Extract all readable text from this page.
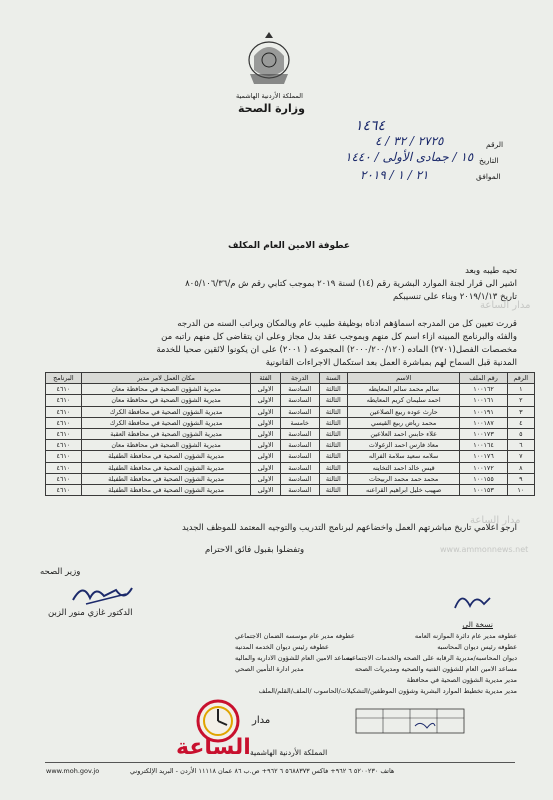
المملكة الأردنية الهاشمية
وزارة الصحة
١٤٦٤
الرقم
٢٧٢٥ / ٣٢ / ٤
التاريخ
١٥ / جمادى الأولى / ١٤٤٠
الموافق
٢١ / ١ / ٢٠١٩
عطوفة الامين العام المكلف
تحيه طيبه وبعد
اشير الى قرار لجنة الموارد البشرية رقم (١٤) لسنة ٢٠١٩ بموجب كتابي رقم ش م/٨٠٥/١٠٦/٣٦
تاريخ ٢٠١٩/١/١٣ وبناء على تنسيبكم
قررت تعيين كل من المدرجه اسماؤهم ادناه بوظيفة طبيب عام وبالمكان وبراتب السنه من الدرجه
والفئه والبرنامج المبينه ازاء اسم كل منهم وبموجب عقد بدل مجاز وعلى ان يتقاضى كل منهم راتبه من
مخصصات الفصل(٢٧٠١) الماده (٢٠٠٠/٢٠٠/١٢٠) المجموعه ( ٢٠٠١) على ان يكونوا لائقين صحيا للخدمة
المدنية قبل السماح لهم بمباشرة العمل بعد استكمال الاجراءات القانونية
الرقم	رقم الملف	الاسم	السنة	الدرجة	الفئة	مكان العمل لامر مدير	البرنامج
١	١٠٠١٦٢	سالم محمد سالم المعايطه	الثالثة	السادسة	الاولى	مديرية الشؤون الصحية في محافظة معان	٤٦١٠
٢	١٠٠١٦١	احمد سليمان كريم المعايطه	الثالثة	السادسة	الاولى	مديرية الشؤون الصحية في محافظة معان	٤٦١٠
٣	١٠٠١٩١	حارث عوده ربيع الصلاعين	الثالثة	السادسة	الاولى	مديرية الشؤون الصحية في محافظة الكرك	٤٦١٠
٤	١٠٠١٨٧	محمد رياض ربيع القيسي	الثالثة	خامسة	الاولى	مديرية الشؤون الصحية في محافظة الكرك	٤٦١٠
٥	١٠٠١٧٣	علاء حابس احمد العلاعين	الثالثة	السادسة	الاولى	مديرية الشؤون الصحية في محافظة العقبة	٤٦١٠
٦	١٠٠١٦٤	معاذ فارس احمد الزغولات	الثالثة	السادسة	الاولى	مديرية الشؤون الصحية في محافظة معان	٤٦١٠
٧	١٠٠١٧٦	سلامه سعيد سلامة الفراله	الثالثة	السادسة	الاولى	مديرية الشؤون الصحية في محافظة الطفيلة	٤٦١٠
٨	١٠٠١٧٢	قيس خالد احمد التخاينه	الثالثة	السادسة	الاولى	مديرية الشؤون الصحية في محافظة الطفيلة	٤٦١٠
٩	١٠٠١٥٥	محمد حمد محمد الربيحات	الثالثة	السادسة	الاولى	مديرية الشؤون الصحية في محافظة الطفيلة	٤٦١٠
١٠	١٠٠١٥٣	صهيب خليل ابراهيم القراعنه	الثالثة	السادسة	الاولى	مديرية الشؤون الصحية في محافظة الطفيلة	٤٦١٠
ارجو اعلامي تاريخ مباشرتهم العمل واخضاعهم لبرنامج التدريب والتوجيه المعتمد للموظف الجديد
وتفضلوا بقبول فائق الاحترام
وزير الصحه
الدكتور غازي منور الزبن
نسخة الى
مدار الساعة
مدار الساعة
www.ammonnews.net
مدار
الساعة المملكة الأردنية الهاشمية
www.moh.gov.jo	هاتف ٥٢٠٠٢٣٠ ٦ ٩٦٢+ فاكس ٥٦٨٨٣٧٣ ٦ ٩٦٢+ ص.ب ٨٦ عمان ١١١١٨ الأردن - البريد الإلكتروني
عطوفه مدير عام دائرة الموازنه العامه
عطوفه رئيس ديوان المحاسبه
ديوان المحاسبه/مديرية الرقابه على الصحه والخدمات الاجتماعيه
مساعد الامين العام للشؤون الفنيه والصحيه ومديريات الصحه
مدير مديرية الشؤون الصحية في محافظة
مدير مديرية تخطيط الموارد البشرية وشؤون الموظفين/التشكيلات/الحاسوب /الملف/القلم/الملف
عطوفه مدير عام موسسه الضمان الاجتماعي
عطوفه رئيس ديوان الخدمه المدنيه
مساعد الامين العام للشؤون الاداريه والماليه
مدير ادارة التأمين الصحي
